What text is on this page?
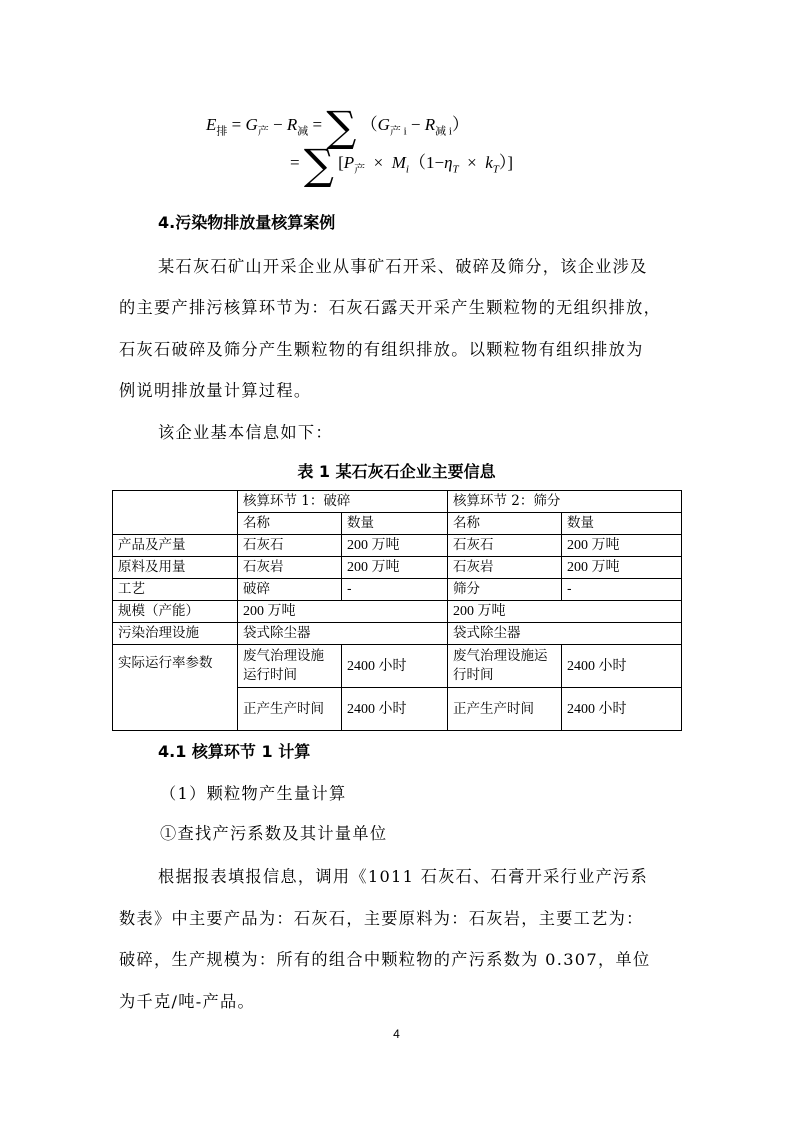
$E_排 = G_产 - R_减$ = ∑ $(G_{产 i} - R_{减 i})$
= ∑ $[P_产 \times M_i(1-\eta_T \times k_T)]$
4.污染物排放量核算案例
某石灰石矿山开采企业从事矿石开采、破碎及筛分，该企业涉及
的主要产排污核算环节为：石灰石露天开采产生颗粒物的无组织排放，
石灰石破碎及筛分产生颗粒物的有组织排放。以颗粒物有组织排放为
例说明排放量计算过程。
该企业基本信息如下：
表 1 某石灰石企业主要信息
	核算环节 1：破碎		核算环节 2：筛分	
	名称	数量	名称	数量
产品及产量	石灰石	200 万吨	石灰石	200 万吨
原料及用量	石灰岩	200 万吨	石灰岩	200 万吨
工艺	破碎	-	筛分	-
规模（产能）	200 万吨		200 万吨	
污染治理设施	袋式除尘器		袋式除尘器	
实际运行率参数	废气治理设施运行时间	2400 小时	废气治理设施运行时间	2400 小时
	正产生产时间	2400 小时	正产生产时间	2400 小时
4.1 核算环节 1 计算
（1）颗粒物产生量计算
①查找产污系数及其计量单位
根据报表填报信息，调用《1011 石灰石、石膏开采行业产污系
数表》中主要产品为：石灰石，主要原料为：石灰岩，主要工艺为：
破碎，生产规模为：所有的组合中颗粒物的产污系数为 0.307，单位
为千克/吨-产品。
4
